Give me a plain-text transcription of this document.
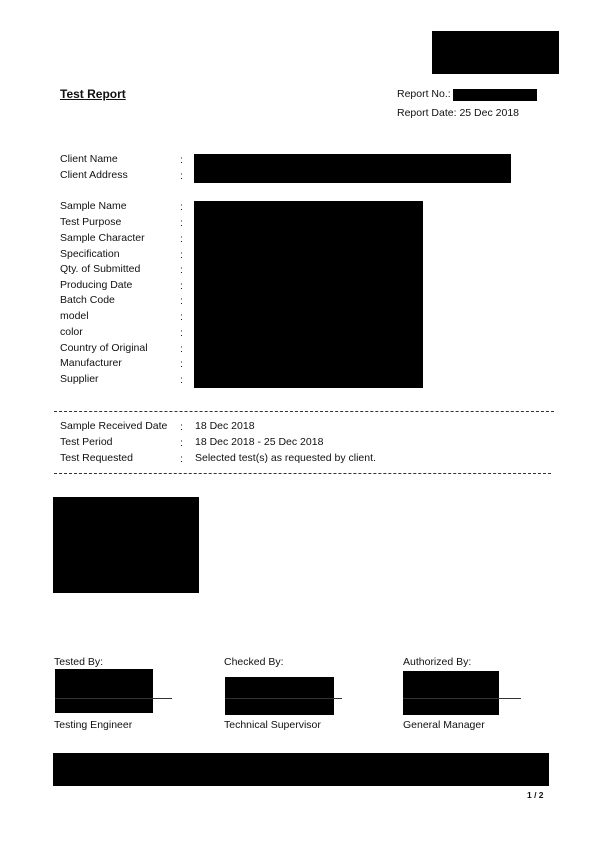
Test Report	Report No.:
Report Date: 25 Dec 2018
Client Name	:
Client Address	:
Sample Name	:
Test Purpose	:
Sample Character	:
Specification	:
Qty. of Submitted	:
Producing Date	:
Batch Code	:
model	:
color	:
Country of Original	:
Manufacturer	:
Supplier	:
Sample Received Date : 18 Dec 2018
Test Period	: 18 Dec 2018 - 25 Dec 2018
Test Requested	: Selected test(s) as requested by client.
Tested By:	Checked By:	Authorized By:
Testing Engineer	Technical Supervisor	General Manager
1 / 2
